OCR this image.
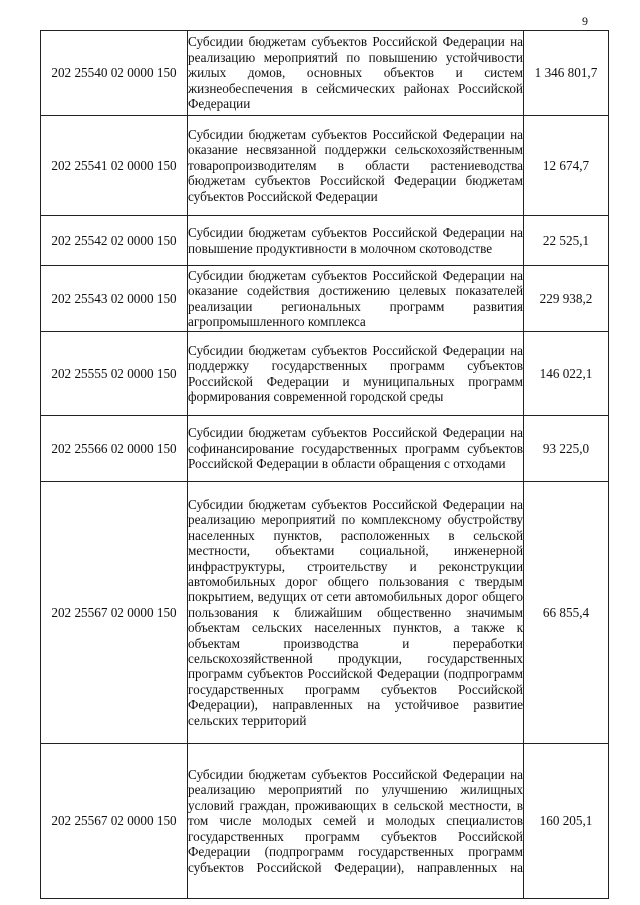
9
202 25540 02 0000 150	Субсидии бюджетам субъектов Российской Федерации на реализацию мероприятий по повышению устойчивости жилых домов, основных объектов и систем жизнеобеспечения в сейсмических районах Российской Федерации	1 346 801,7
202 25541 02 0000 150	Субсидии бюджетам субъектов Российской Федерации на оказание несвязанной поддержки сельскохозяйственным товаропроизводителям в области растениеводства бюджетам субъектов Российской Федерации бюджетам субъектов Российской Федерации	12 674,7
202 25542 02 0000 150	Субсидии бюджетам субъектов Российской Федерации на повышение продуктивности в молочном скотоводстве	22 525,1
202 25543 02 0000 150	Субсидии бюджетам субъектов Российской Федерации на оказание содействия достижению целевых показателей реализации региональных программ развития агропромышленного комплекса	229 938,2
202 25555 02 0000 150	Субсидии бюджетам субъектов Российской Федерации на поддержку государственных программ субъектов Российской Федерации и муниципальных программ формирования современной городской среды	146 022,1
202 25566 02 0000 150	Субсидии бюджетам субъектов Российской Федерации на софинансирование государственных программ субъектов Российской Федерации в области обращения с отходами	93 225,0
202 25567 02 0000 150	Субсидии бюджетам субъектов Российской Федерации на реализацию мероприятий по комплексному обустройству населенных пунктов, расположенных в сельской местности, объектами социальной, инженерной инфраструктуры, строительству и реконструкции автомобильных дорог общего пользования с твердым покрытием, ведущих от сети автомобильных дорог общего пользования к ближайшим общественно значимым объектам сельских населенных пунктов, а также к объектам производства и переработки сельскохозяйственной продукции, государственных программ субъектов Российской Федерации (подпрограмм государственных программ субъектов Российской Федерации), направленных на устойчивое развитие сельских территорий	66 855,4
202 25567 02 0000 150	Субсидии бюджетам субъектов Российской Федерации на реализацию мероприятий по улучшению жилищных условий граждан, проживающих в сельской местности, в том числе молодых семей и молодых специалистов государственных программ субъектов Российской Федерации (подпрограмм государственных программ субъектов Российской Федерации), направленных на	160 205,1
